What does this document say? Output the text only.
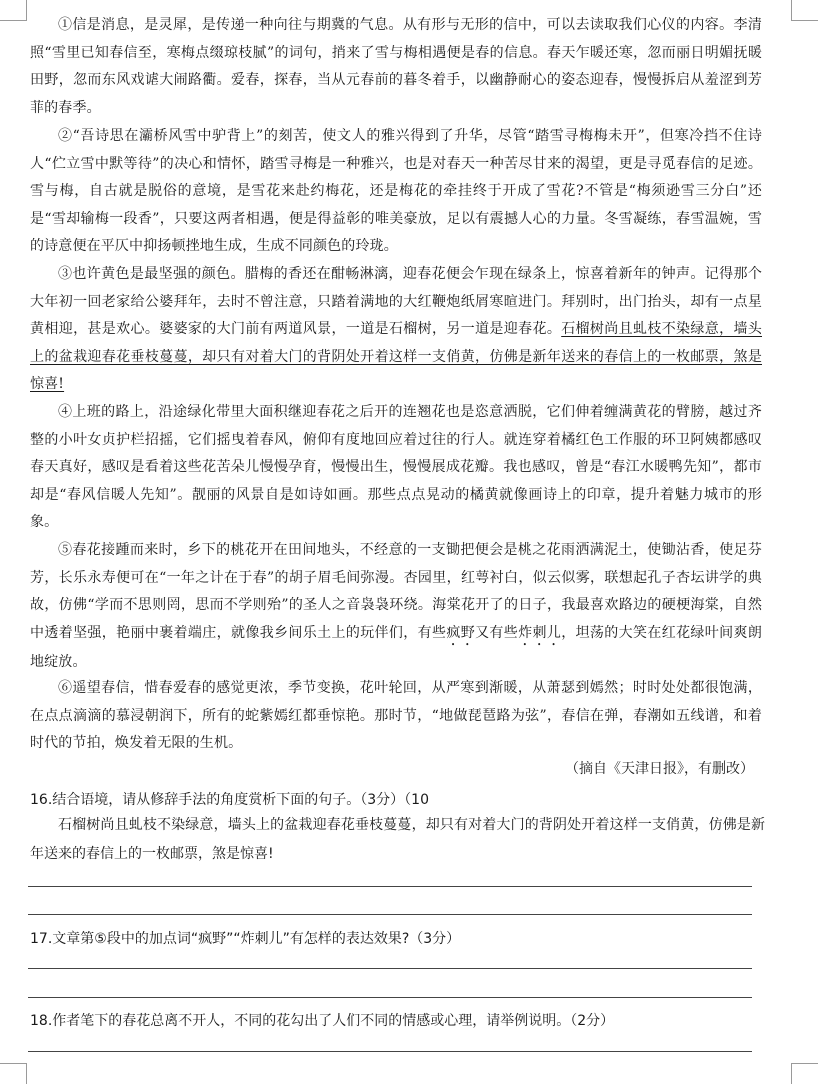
①信是消息，是灵犀，是传递一种向往与期冀的气息。从有形与无形的信中，可以去读取我们心仪的内容。李清照“雪里已知春信至，寒梅点缀琼枝腻”的词句，捎来了雪与梅相遇便是春的信息。春天乍暖还寒，忽而丽日明媚抚暖田野，忽而东风戏谑大闹路衢。爱春，探春，当从元春前的暮冬着手，以幽静耐心的姿态迎春，慢慢拆启从羞涩到芳菲的春季。

②“吾诗思在灞桥风雪中驴背上”的刻苦，使文人的雅兴得到了升华，尽管“踏雪寻梅梅未开”，但寒冷挡不住诗人“伫立雪中默等待”的决心和情怀，踏雪寻梅是一种雅兴，也是对春天一种苦尽甘来的渴望，更是寻觅春信的足迹。雪与梅，自古就是脱俗的意境，是雪花来赴约梅花，还是梅花的牵挂终于开成了雪花?不管是“梅须逊雪三分白”还是“雪却输梅一段香”，只要这两者相遇，便是得益彰的唯美豪放，足以有震撼人心的力量。冬雪凝练，春雪温婉，雪的诗意便在平仄中抑扬顿挫地生成，生成不同颜色的玲珑。

③也许黄色是最坚强的颜色。腊梅的香还在酣畅淋漓，迎春花便会乍现在绿条上，惊喜着新年的钟声。记得那个大年初一回老家给公婆拜年，去时不曾注意，只踏着满地的大红鞭炮纸屑寒暄进门。拜别时，出门抬头，却有一点星黄相迎，甚是欢心。婆婆家的大门前有两道风景，一道是石榴树，另一道是迎春花。石榴树尚且虬枝不染绿意，墙头上的盆栽迎春花垂枝蔓蔓，却只有对着大门的背阴处开着这样一支俏黄，仿佛是新年送来的春信上的一枚邮票，煞是惊喜!

④上班的路上，沿途绿化带里大面积继迎春花之后开的连翘花也是恣意洒脱，它们伸着缠满黄花的臂膀，越过齐整的小叶女贞护栏招摇，它们摇曳着春风，俯仰有度地回应着过往的行人。就连穿着橘红色工作服的环卫阿姨都感叹春天真好，感叹是看着这些花苦朵儿慢慢孕育，慢慢出生，慢慢展成花瓣。我也感叹，曾是“春江水暖鸭先知”，都市却是“春风信暖人先知”。靓丽的风景自是如诗如画。那些点点晃动的橘黄就像画诗上的印章，提升着魅力城市的形象。

⑤春花接踵而来时，乡下的桃花开在田间地头，不经意的一支锄把便会是桃之花雨洒满泥土，使锄沾香，使足芬芳，长乐永寿便可在“一年之计在于春”的胡子眉毛间弥漫。杏园里，红萼衬白，似云似雾，联想起孔子杏坛讲学的典故，仿佛“学而不思则罔，思而不学则殆”的圣人之音袅袅环绕。海棠花开了的日子，我最喜欢路边的硬梗海棠，自然中透着坚强，艳丽中裹着端庄，就像我乡间乐土上的玩伴们，有些疯野又有些炸刺儿，坦荡的大笑在红花绿叶间爽朗地绽放。

⑥遥望春信，惜春爱春的感觉更浓，季节变换，花叶轮回，从严寒到渐暖，从萧瑟到嫣然；时时处处都很饱满，在点点滴滴的慕浸朝润下，所有的蛇紫嫣红都垂惊艳。那时节，“地做琵琶路为弦”，春信在弹，春潮如五线谱，和着时代的节拍，焕发着无限的生机。

（摘自《天津日报》，有删改）

16.结合语境，请从修辞手法的角度赏析下面的句子。（3分）（10

石榴树尚且虬枝不染绿意，墙头上的盆栽迎春花垂枝蔓蔓，却只有对着大门的背阴处开着这样一支俏黄，仿佛是新年送来的春信上的一枚邮票，煞是惊喜!

17.文章第⑤段中的加点词“疯野”“炸刺儿”有怎样的表达效果?（3分）

18.作者笔下的春花总离不开人，不同的花勾出了人们不同的情感或心理，请举例说明。（2分）
